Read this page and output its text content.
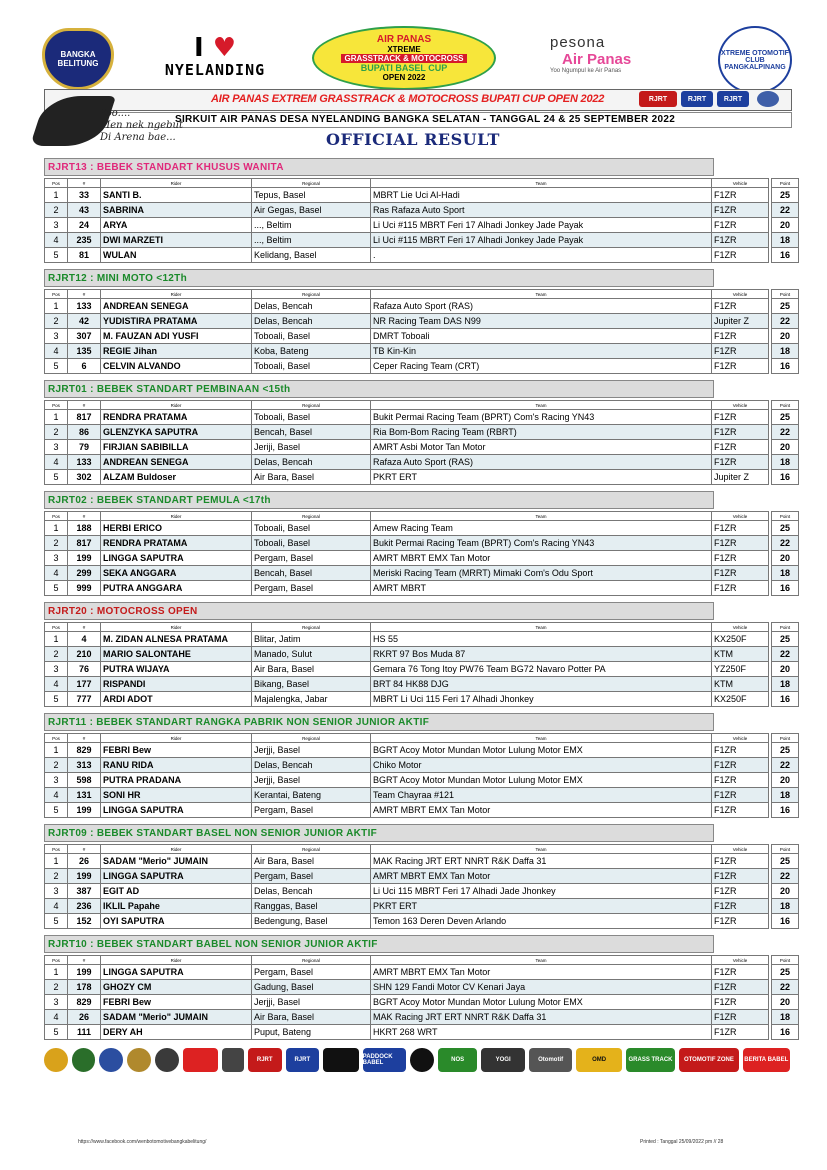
BANGKA BELITUNG
I ♥
NYELANDING
AIR PANAS
XTREME
GRASSTRACK & MOTOCROSS
BUPATI BASEL CUP
OPEN 2022
pesona
Air Panas
Yoo Ngumpul ke Air Panas
XTREME OTOMOTIF CLUB PANGKALPINANG
AIR PANAS EXTREM GRASSTRACK & MOTOCROSS BUPATI CUP OPEN 2022	RJRT	RJRT	RJRT
SIRKUIT AIR PANAS DESA NYELANDING BANGKA SELATAN - TANGGAL 24 & 25 SEPTEMBER 2022
Yoo....
Men nek ngebut
Di Arena bae...	OFFICIAL RESULT
RJRT13 : BEBEK STANDART KHUSUS WANITA
Pos	#	Rider	Regional	Team	Vehicle		Point
1	33	SANTI B.	Tepus, Basel	MBRT Lie Uci Al-Hadi	F1ZR		25
2	43	SABRINA	Air Gegas, Basel	Ras Rafaza Auto Sport	F1ZR		22
3	24	ARYA	..., Beltim	Li Uci #115 MBRT Feri 17 Alhadi Jonkey Jade Payak	F1ZR		20
4	235	DWI MARZETI	..., Beltim	Li Uci #115 MBRT Feri 17 Alhadi Jonkey Jade Payak	F1ZR		18
5	81	WULAN	Kelidang, Basel	.	F1ZR		16
RJRT12 : MINI MOTO <12Th
Pos	#	Rider	Regional	Team	Vehicle		Point
1	133	ANDREAN SENEGA	Delas, Bencah	Rafaza Auto Sport (RAS)	F1ZR		25
2	42	YUDISTIRA PRATAMA	Delas, Bencah	NR Racing Team DAS N99	Jupiter Z		22
3	307	M. FAUZAN ADI YUSFI	Toboali, Basel	DMRT Toboali	F1ZR		20
4	135	REGIE Jihan	Koba, Bateng	TB Kin-Kin	F1ZR		18
5	6	CELVIN ALVANDO	Toboali, Basel	Ceper Racing Team (CRT)	F1ZR		16
RJRT01 : BEBEK STANDART PEMBINAAN <15th
Pos	#	Rider	Regional	Team	Vehicle		Point
1	817	RENDRA PRATAMA	Toboali, Basel	Bukit Permai Racing Team (BPRT) Com's Racing YN43	F1ZR		25
2	86	GLENZYKA SAPUTRA	Bencah, Basel	Ria Bom-Bom Racing Team (RBRT)	F1ZR		22
3	79	FIRJIAN SABIBILLA	Jeriji, Basel	AMRT Asbi Motor Tan Motor	F1ZR		20
4	133	ANDREAN SENEGA	Delas, Bencah	Rafaza Auto Sport (RAS)	F1ZR		18
5	302	ALZAM Buldoser	Air Bara, Basel	PKRT ERT	Jupiter Z		16
RJRT02 : BEBEK STANDART PEMULA <17th
Pos	#	Rider	Regional	Team	Vehicle		Point
1	188	HERBI ERICO	Toboali, Basel	Amew Racing Team	F1ZR		25
2	817	RENDRA PRATAMA	Toboali, Basel	Bukit Permai Racing Team (BPRT) Com's Racing YN43	F1ZR		22
3	199	LINGGA SAPUTRA	Pergam, Basel	AMRT MBRT EMX Tan Motor	F1ZR		20
4	299	SEKA ANGGARA	Bencah, Basel	Meriski Racing Team (MRRT) Mimaki Com's Odu Sport	F1ZR		18
5	999	PUTRA ANGGARA	Pergam, Basel	AMRT MBRT	F1ZR		16
RJRT20 : MOTOCROSS OPEN
Pos	#	Rider	Regional	Team	Vehicle		Point
1	4	M. ZIDAN ALNESA PRATAMA	Blitar, Jatim	HS 55	KX250F		25
2	210	MARIO SALONTAHE	Manado, Sulut	RKRT 97 Bos Muda 87	KTM		22
3	76	PUTRA WIJAYA	Air Bara, Basel	Gemara 76 Tong Itoy PW76 Team BG72 Navaro Potter PA	YZ250F		20
4	177	RISPANDI	Bikang, Basel	BRT 84 HK88 DJG	KTM		18
5	777	ARDI ADOT	Majalengka, Jabar	MBRT Li Uci 115 Feri 17 Alhadi Jhonkey	KX250F		16
RJRT11 : BEBEK STANDART RANGKA PABRIK NON SENIOR JUNIOR AKTIF
Pos	#	Rider	Regional	Team	Vehicle		Point
1	829	FEBRI Bew	Jerjji, Basel	BGRT Acoy Motor Mundan Motor Lulung Motor EMX	F1ZR		25
2	313	RANU RIDA	Delas, Bencah	Chiko Motor	F1ZR		22
3	598	PUTRA PRADANA	Jerjji, Basel	BGRT Acoy Motor Mundan Motor Lulung Motor EMX	F1ZR		20
4	131	SONI HR	Kerantai, Bateng	Team Chayraa #121	F1ZR		18
5	199	LINGGA SAPUTRA	Pergam, Basel	AMRT MBRT EMX Tan Motor	F1ZR		16
RJRT09 : BEBEK STANDART BASEL NON SENIOR JUNIOR AKTIF
Pos	#	Rider	Regional	Team	Vehicle		Point
1	26	SADAM "Merio" JUMAIN	Air Bara, Basel	MAK Racing JRT ERT NNRT R&K Daffa 31	F1ZR		25
2	199	LINGGA SAPUTRA	Pergam, Basel	AMRT MBRT EMX Tan Motor	F1ZR		22
3	387	EGIT AD	Delas, Bencah	Li Uci 115 MBRT Feri 17 Alhadi Jade Jhonkey	F1ZR		20
4	236	IKLIL Papahe	Ranggas, Basel	PKRT ERT	F1ZR		18
5	152	OYI SAPUTRA	Bedengung, Basel	Temon 163 Deren Deven Arlando	F1ZR		16
RJRT10 : BEBEK STANDART BABEL NON SENIOR JUNIOR AKTIF
Pos	#	Rider	Regional	Team	Vehicle		Point
1	199	LINGGA SAPUTRA	Pergam, Basel	AMRT MBRT EMX Tan Motor	F1ZR		25
2	178	GHOZY CM	Gadung, Basel	SHN 129 Fandi Motor CV Kenari Jaya	F1ZR		22
3	829	FEBRI Bew	Jerjji, Basel	BGRT Acoy Motor Mundan Motor Lulung Motor EMX	F1ZR		20
4	26	SADAM "Merio" JUMAIN	Air Bara, Basel	MAK Racing JRT ERT NNRT R&K Daffa 31	F1ZR		18
5	111	DERY AH	Puput, Bateng	HKRT 268 WRT	F1ZR		16
RJRT	RJRT	PADDOCK BABEL	NOS	YOGI	Otomotif	OMD	GRASS TRACK	OTOMOTIF ZONE	BERITA BABEL
https://www.facebook.com/wenbotomotivebangkabelitung/	Printed : Tanggal 25/09/2022 pm // 28
